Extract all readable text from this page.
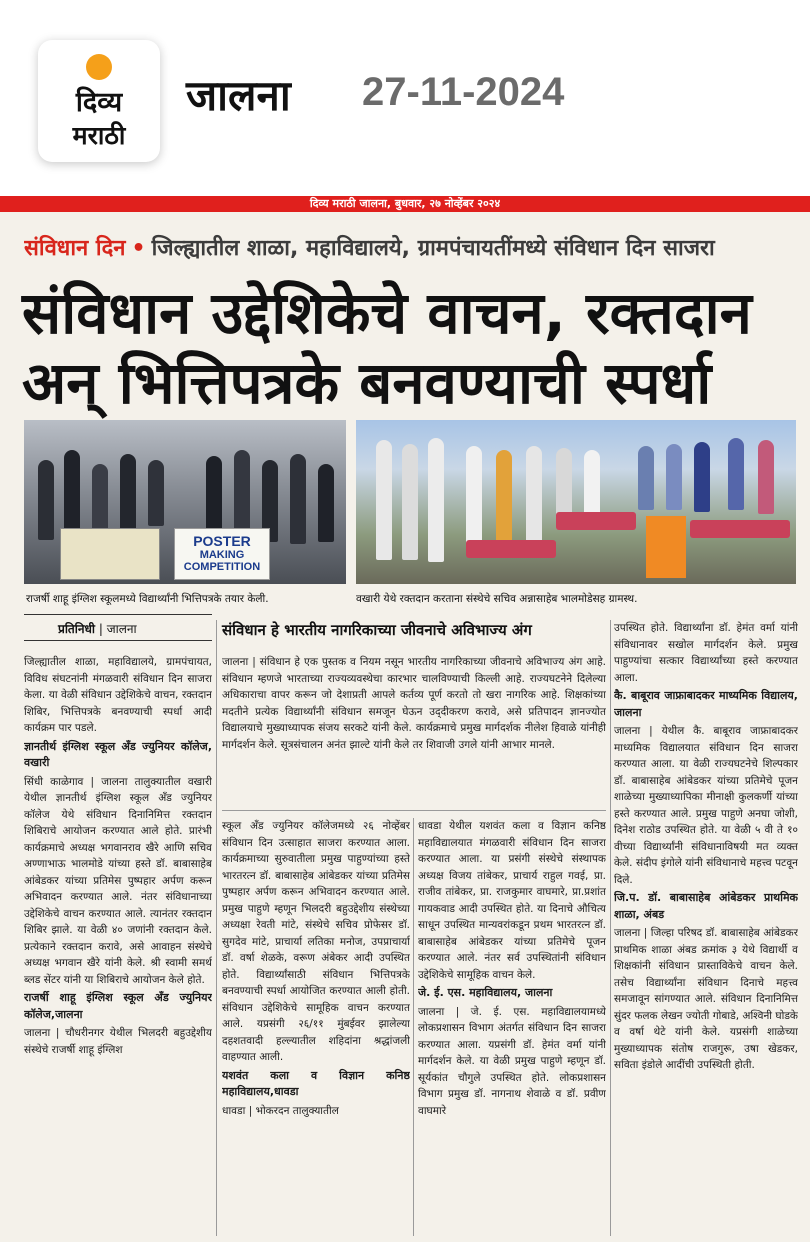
दिव्य
मराठी
जालना 27-11-2024
दिव्य मराठी जालना, बुधवार, २७ नोव्हेंबर २०२४
संविधान दिन • जिल्ह्यातील शाळा, महाविद्यालये, ग्रामपंचायतींमध्ये संविधान दिन साजरा
संविधान उद्देशिकेचे वाचन, रक्तदान
अन् भित्तिपत्रके बनवण्याची स्पर्धा
POSTER
MAKING
COMPETITION
राजर्षी शाहू इंग्लिश स्कूलमध्ये विद्यार्थ्यांनी भित्तिपत्रके तयार केली.	वखारी येथे रक्तदान करताना संस्थेचे सचिव अन्नासाहेब भालमोडेसह ग्रामस्थ.
प्रतिनिधी | जालना	संविधान हे भारतीय नागरिकाच्या जीवनाचे अविभाज्य अंग

जिल्ह्यातील शाळा, महाविद्यालये, ग्रामपंचायत, विविध संघटनांनी मंगळवारी संविधान दिन साजरा केला. या वेळी संविधान उद्देशिकेचे वाचन, रक्तदान शिबिर, भित्तिपत्रके बनवण्याची स्पर्धा आदी कार्यक्रम पार पडले.

ज्ञानतीर्थ इंग्लिश स्कूल अँड ज्युनियर कॉलेज, वखारी

सिंधी काळेगाव | जालना तालुक्यातील वखारी येथील ज्ञानतीर्थ इंग्लिश स्कूल अँड ज्युनियर कॉलेज येथे संविधान दिनानिमित्त रक्तदान शिबिराचे आयोजन करण्यात आले होते. प्रारंभी कार्यक्रमाचे अध्यक्ष भगवानराव खैरे आणि सचिव अण्णाभाऊ भालमोडे यांच्या हस्ते डॉ. बाबासाहेब आंबेडकर यांच्या प्रतिमेस पुष्पहार अर्पण करून अभिवादन करण्यात आले. नंतर संविधानाच्या उद्देशिकेचे वाचन करण्यात आले. त्यानंतर रक्तदान शिबिर झाले. या वेळी ४० जणांनी रक्तदान केले. प्रत्येकाने रक्तदान करावे, असे आवाहन संस्थेचे अध्यक्ष भगवान खैरे यांनी केले. श्री स्वामी समर्थ ब्लड सेंटर यांनी या शिबिराचे आयोजन केले होते.

राजर्षी शाहू इंग्लिश स्कूल अँड ज्युनियर कॉलेज,जालना

जालना | चौधरीनगर येथील भिलदरी बहुउद्देशीय संस्थेचे राजर्षी शाहू इंग्लिश

जालना | संविधान हे एक पुस्तक व नियम नसून भारतीय नागरिकाच्या जीवनाचे अविभाज्य अंग आहे. संविधान म्हणजे भारताच्या राज्यव्यवस्थेचा कारभार चालविण्याची किल्ली आहे. राज्यघटनेने दिलेल्या अधिकाराचा वापर करून जो देशाप्रती आपले कर्तव्य पूर्ण करतो तो खरा नागरिक आहे. शिक्षकांच्या मदतीने प्रत्येक विद्यार्थ्यांनी संविधान समजून घेऊन उद्‌दीकरण करावे, असे प्रतिपादन ज्ञानज्योत विद्यालयाचे मुख्याध्यापक संजय सरकटे यांनी केले. कार्यक्रमाचे प्रमुख मार्गदर्शक नीलेश हिवाळे यांनीही मार्गदर्शन केले. सूत्रसंचालन अनंत झाल्टे यांनी केले तर शिवाजी उगले यांनी आभार मानले.

स्कूल अँड ज्युनियर कॉलेजमध्ये २६ नोव्हेंबर संविधान दिन उत्साहात साजरा करण्यात आला. कार्यक्रमाच्या सुरुवातीला प्रमुख पाहुण्यांच्या हस्ते भारतरत्न डॉ. बाबासाहेब आंबेडकर यांच्या प्रतिमेस पुष्पहार अर्पण करून अभिवादन करण्यात आले. प्रमुख पाहुणे म्हणून भिलदरी बहुउद्देशीय संस्थेच्या अध्यक्षा रेवती मांटे, संस्थेचे सचिव प्रोफेसर डॉ. सुगदेव मांटे, प्राचार्या लतिका मनोज, उपप्राचार्या डॉ. वर्षा शेळके, वरूण अंबेकर आदी उपस्थित होते. विद्यार्थ्यांसाठी संविधान भित्तिपत्रके बनवण्याची स्पर्धा आयोजित करण्यात आली होती. संविधान उद्देशिकेचे सामूहिक वाचन करण्यात आले. यप्रसंगी २६/११ मुंबईवर झालेल्या दहशतवादी हल्ल्यातील शहिदांना श्रद्धांजली वाहण्यात आली.

यशवंत कला व विज्ञान कनिष्ठ महाविद्यालय,धावडा

धावडा | भोकरदन तालुक्यातील

धावडा येथील यशवंत कला व विज्ञान कनिष्ठ महाविद्यालयात मंगळवारी संविधान दिन साजरा करण्यात आला. या प्रसंगी संस्थेचे संस्थापक अध्यक्ष विजय तांबेकर, प्राचार्य राहुल गवई, प्रा. राजीव तांबेकर, प्रा. राजकुमार वाघमारे, प्रा.प्रशांत गायकवाड आदी उपस्थित होते. या दिनाचे औचित्य साधून उपस्थित मान्यवरांकडून प्रथम भारतरत्न डॉ. बाबासाहेब आंबेडकर यांच्या प्रतिमेचे पूजन करण्यात आले. नंतर सर्व उपस्थितांनी संविधान उद्देशिकेचे सामूहिक वाचन केले.

जे. ई. एस. महाविद्यालय, जालना

जालना | जे. ई. एस. महाविद्यालयामध्ये लोकप्रशासन विभाग अंतर्गत संविधान दिन साजरा करण्यात आला. यप्रसंगी डॉ. हेमंत वर्मा यांनी मार्गदर्शन केले. या वेळी प्रमुख पाहुणे म्हणून डॉ. सूर्यकांत चौगुले उपस्थित होते. लोकप्रशासन विभाग प्रमुख डॉ. नागनाथ शेवाळे व डॉ. प्रवीण वाघमारे

उपस्थित होते. विद्यार्थ्यांना डॉ. हेमंत वर्मा यांनी संविधानावर सखोल मार्गदर्शन केले. प्रमुख पाहुण्यांचा सत्कार विद्यार्थ्यांच्या हस्ते करण्यात आला.

कै. बाबूराव जाफ्राबादकर माध्यमिक विद्यालय, जालना

जालना | येथील कै. बाबूराव जाफ्राबादकर माध्यमिक विद्यालयात संविधान दिन साजरा करण्यात आला. या वेळी राज्यघटनेचे शिल्पकार डॉ. बाबासाहेब आंबेडकर यांच्या प्रतिमेचे पूजन शाळेच्या मुख्याध्यापिका मीनाक्षी कुलकर्णी यांच्या हस्ते करण्यात आले. प्रमुख पाहुणे अनघा जोशी, दिनेश राठोड उपस्थित होते. या वेळी ५ वी ते १० वीच्या विद्यार्थ्यांनी संविधानाविषयी मत व्यक्त केले. संदीप इंगोले यांनी संविधानाचे महत्त्व पटवून दिले.

जि.प. डॉ. बाबासाहेब आंबेडकर प्राथमिक शाळा, अंबड

जालना | जिल्हा परिषद डॉ. बाबासाहेब आंबेडकर प्राथमिक शाळा अंबड क्रमांक ३ येथे विद्यार्थी व शिक्षकांनी संविधान प्रास्ताविकेचे वाचन केले. तसेच विद्यार्थ्यांना संविधान दिनाचे महत्त्व समजावून सांगण्यात आले. संविधान दिनानिमित्त सुंदर फलक लेखन ज्योती गोबाडे, अश्विनी घोडके व वर्षा थेटे यांनी केले. यप्रसंगी शाळेच्या मुख्याध्यापक संतोष राजगुरू, उषा खेडकर, सविता इंडोले आदींची उपस्थिती होती.
